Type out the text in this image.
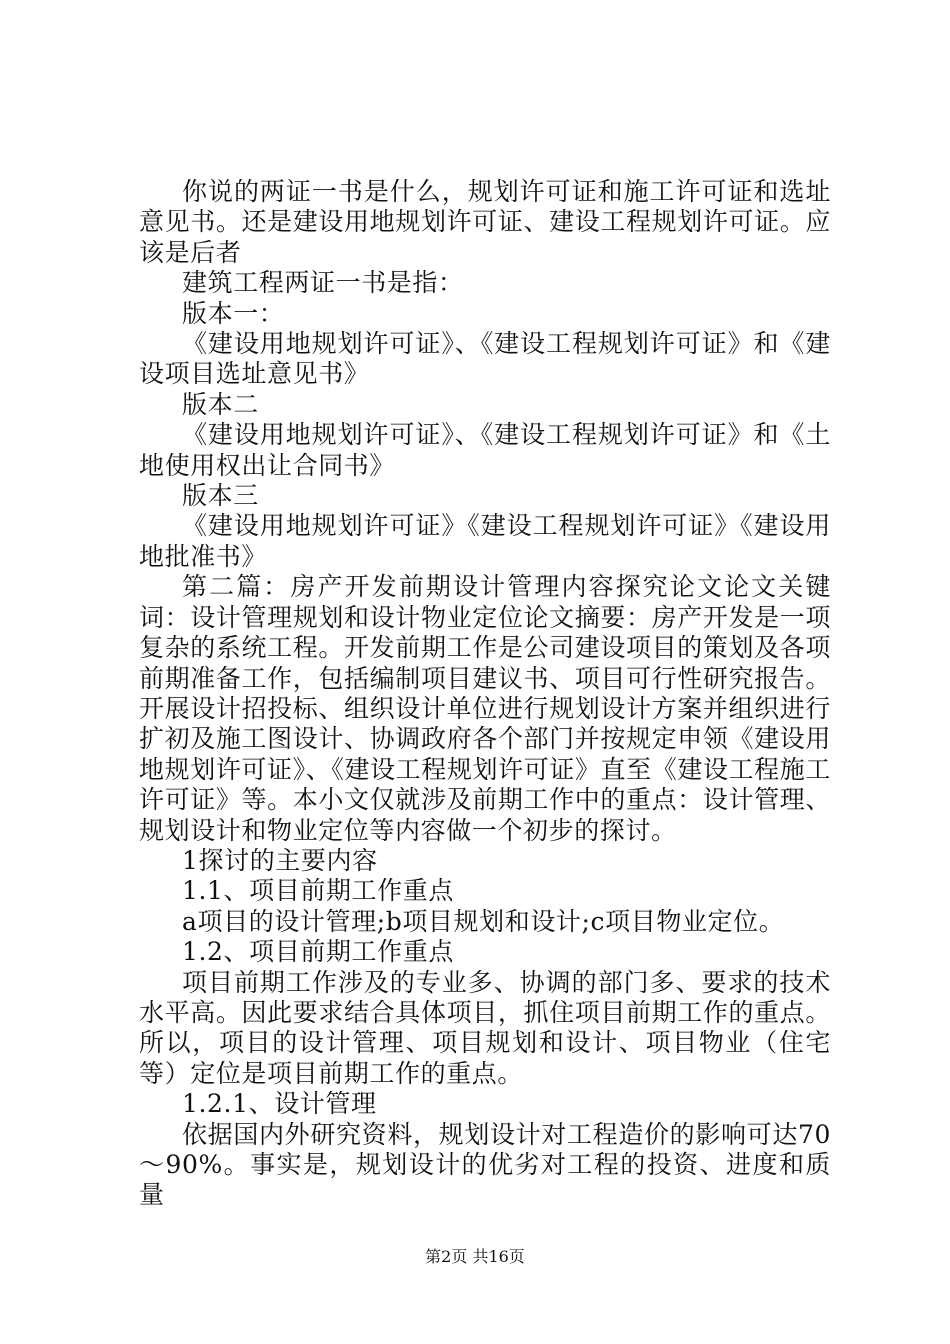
你说的两证一书是什么，规划许可证和施工许可证和选址意见书。还是建设用地规划许可证、建设工程规划许可证。应该是后者

建筑工程两证一书是指：

版本一：

《建设用地规划许可证》、《建设工程规划许可证》和《建设项目选址意见书》

版本二

《建设用地规划许可证》、《建设工程规划许可证》和《土地使用权出让合同书》

版本三

《建设用地规划许可证》《建设工程规划许可证》《建设用地批准书》

第二篇：房产开发前期设计管理内容探究论文论文关键词：设计管理规划和设计物业定位论文摘要：房产开发是一项复杂的系统工程。开发前期工作是公司建设项目的策划及各项前期准备工作，包括编制项目建议书、项目可行性研究报告。开展设计招投标、组织设计单位进行规划设计方案并组织进行扩初及施工图设计、协调政府各个部门并按规定申领《建设用地规划许可证》、《建设工程规划许可证》直至《建设工程施工许可证》等。本小文仅就涉及前期工作中的重点：设计管理、规划设计和物业定位等内容做一个初步的探讨。

1探讨的主要内容

1.1、项目前期工作重点

a项目的设计管理;b项目规划和设计;c项目物业定位。

1.2、项目前期工作重点

项目前期工作涉及的专业多、协调的部门多、要求的技术水平高。因此要求结合具体项目，抓住项目前期工作的重点。所以，项目的设计管理、项目规划和设计、项目物业（住宅等）定位是项目前期工作的重点。

1.2.1、设计管理

依据国内外研究资料，规划设计对工程造价的影响可达70～90%。事实是，规划设计的优劣对工程的投资、进度和质量

第2页 共16页
